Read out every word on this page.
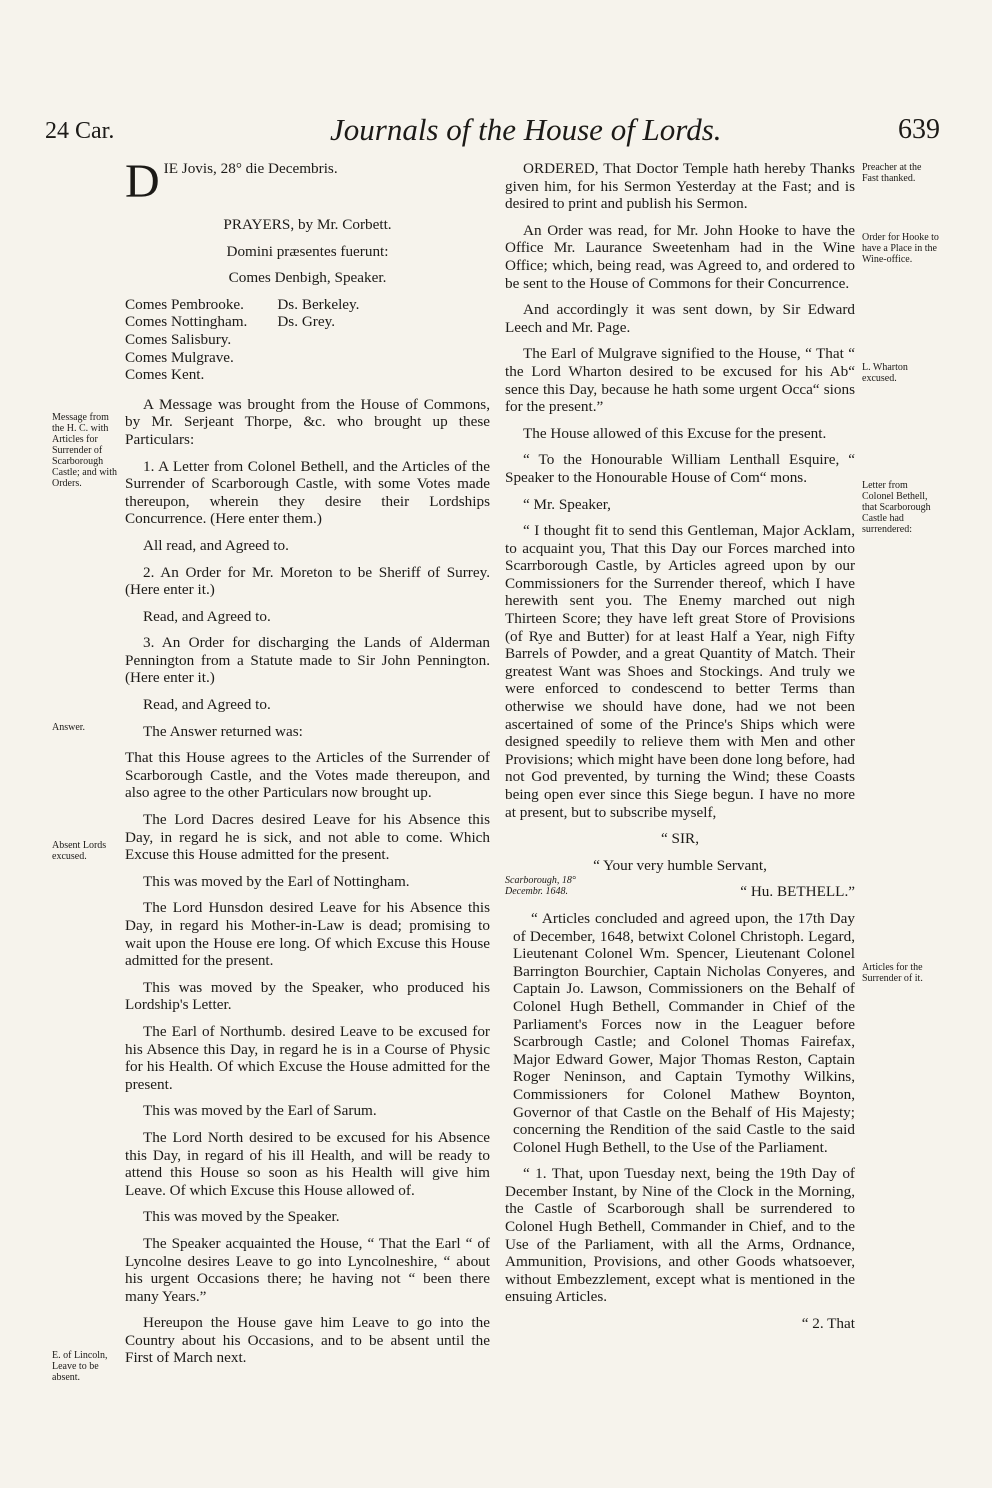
24 Car.	Journals of the House of Lords.	639
Message from the H. C. with Articles for Surrender of Scarborough Castle; and with Orders.
Answer.
Absent Lords excused.
E. of Lincoln, Leave to be absent.
Preacher at the Fast thanked.
Order for Hooke to have a Place in the Wine-office.
L. Wharton excused.
Letter from Colonel Bethell, that Scarborough Castle had surrendered:
Scarborough, 18° Decembr. 1648.
Articles for the Surrender of it.

DIE Jovis, 28° die Decembris.

PRAYERS, by Mr. Corbett.

Domini præsentes fuerunt:

Comes Denbigh, Speaker.

Comes Pembrooke.
Comes Nottingham.
Comes Salisbury.
Comes Mulgrave.
Comes Kent.
Ds. Berkeley.
Ds. Grey.

A Message was brought from the House of Commons, by Mr. Serjeant Thorpe, &c. who brought up these Particulars:

1. A Letter from Colonel Bethell, and the Articles of the Surrender of Scarborough Castle, with some Votes made thereupon, wherein they desire their Lordships Concurrence. (Here enter them.)

All read, and Agreed to.

2. An Order for Mr. Moreton to be Sheriff of Surrey. (Here enter it.)

Read, and Agreed to.

3. An Order for discharging the Lands of Alderman Pennington from a Statute made to Sir John Pennington. (Here enter it.)

Read, and Agreed to.

The Answer returned was:

That this House agrees to the Articles of the Surrender of Scarborough Castle, and the Votes made thereupon, and also agree to the other Particulars now brought up.

The Lord Dacres desired Leave for his Absence this Day, in regard he is sick, and not able to come. Which Excuse this House admitted for the present.

This was moved by the Earl of Nottingham.

The Lord Hunsdon desired Leave for his Absence this Day, in regard his Mother-in-Law is dead; promising to wait upon the House ere long. Of which Excuse this House admitted for the present.

This was moved by the Speaker, who produced his Lordship's Letter.

The Earl of Northumb. desired Leave to be excused for his Absence this Day, in regard he is in a Course of Physic for his Health. Of which Excuse the House admitted for the present.

This was moved by the Earl of Sarum.

The Lord North desired to be excused for his Absence this Day, in regard of his ill Health, and will be ready to attend this House so soon as his Health will give him Leave. Of which Excuse this House allowed of.

This was moved by the Speaker.

The Speaker acquainted the House, “ That the Earl “ of Lyncolne desires Leave to go into Lyncolneshire, “ about his urgent Occasions there; he having not “ been there many Years.”

Hereupon the House gave him Leave to go into the Country about his Occasions, and to be absent until the First of March next.

ORDERED, That Doctor Temple hath hereby Thanks given him, for his Sermon Yesterday at the Fast; and is desired to print and publish his Sermon.

An Order was read, for Mr. John Hooke to have the Office Mr. Laurance Sweetenham had in the Wine Office; which, being read, was Agreed to, and ordered to be sent to the House of Commons for their Concurrence.

And accordingly it was sent down, by Sir Edward Leech and Mr. Page.

The Earl of Mulgrave signified to the House, “ That “ the Lord Wharton desired to be excused for his Ab“ sence this Day, because he hath some urgent Occa“ sions for the present.”

The House allowed of this Excuse for the present.

“ To the Honourable William Lenthall Esquire, “ Speaker to the Honourable House of Com“ mons.

“ Mr. Speaker,

“ I thought fit to send this Gentleman, Major Acklam, to acquaint you, That this Day our Forces marched into Scarrborough Castle, by Articles agreed upon by our Commissioners for the Surrender thereof, which I have herewith sent you. The Enemy marched out nigh Thirteen Score; they have left great Store of Provisions (of Rye and Butter) for at least Half a Year, nigh Fifty Barrels of Powder, and a great Quantity of Match. Their greatest Want was Shoes and Stockings. And truly we were enforced to condescend to better Terms than otherwise we should have done, had we not been ascertained of some of the Prince's Ships which were designed speedily to relieve them with Men and other Provisions; which might have been done long before, had not God prevented, by turning the Wind; these Coasts being open ever since this Siege begun. I have no more at present, but to subscribe myself,

“ SIR,

“ Your very humble Servant,

“ Hu. BETHELL.”

“ Articles concluded and agreed upon, the 17th Day of December, 1648, betwixt Colonel Christoph. Legard, Lieutenant Colonel Wm. Spencer, Lieutenant Colonel Barrington Bourchier, Captain Nicholas Conyeres, and Captain Jo. Lawson, Commissioners on the Behalf of Colonel Hugh Bethell, Commander in Chief of the Parliament's Forces now in the Leaguer before Scarbrough Castle; and Colonel Thomas Fairefax, Major Edward Gower, Major Thomas Reston, Captain Roger Neninson, and Captain Tymothy Wilkins, Commissioners for Colonel Mathew Boynton, Governor of that Castle on the Behalf of His Majesty; concerning the Rendition of the said Castle to the said Colonel Hugh Bethell, to the Use of the Parliament.

“ 1. That, upon Tuesday next, being the 19th Day of December Instant, by Nine of the Clock in the Morning, the Castle of Scarborough shall be surrendered to Colonel Hugh Bethell, Commander in Chief, and to the Use of the Parliament, with all the Arms, Ordnance, Ammunition, Provisions, and other Goods whatsoever, without Embezzlement, except what is mentioned in the ensuing Articles.

“ 2. That
